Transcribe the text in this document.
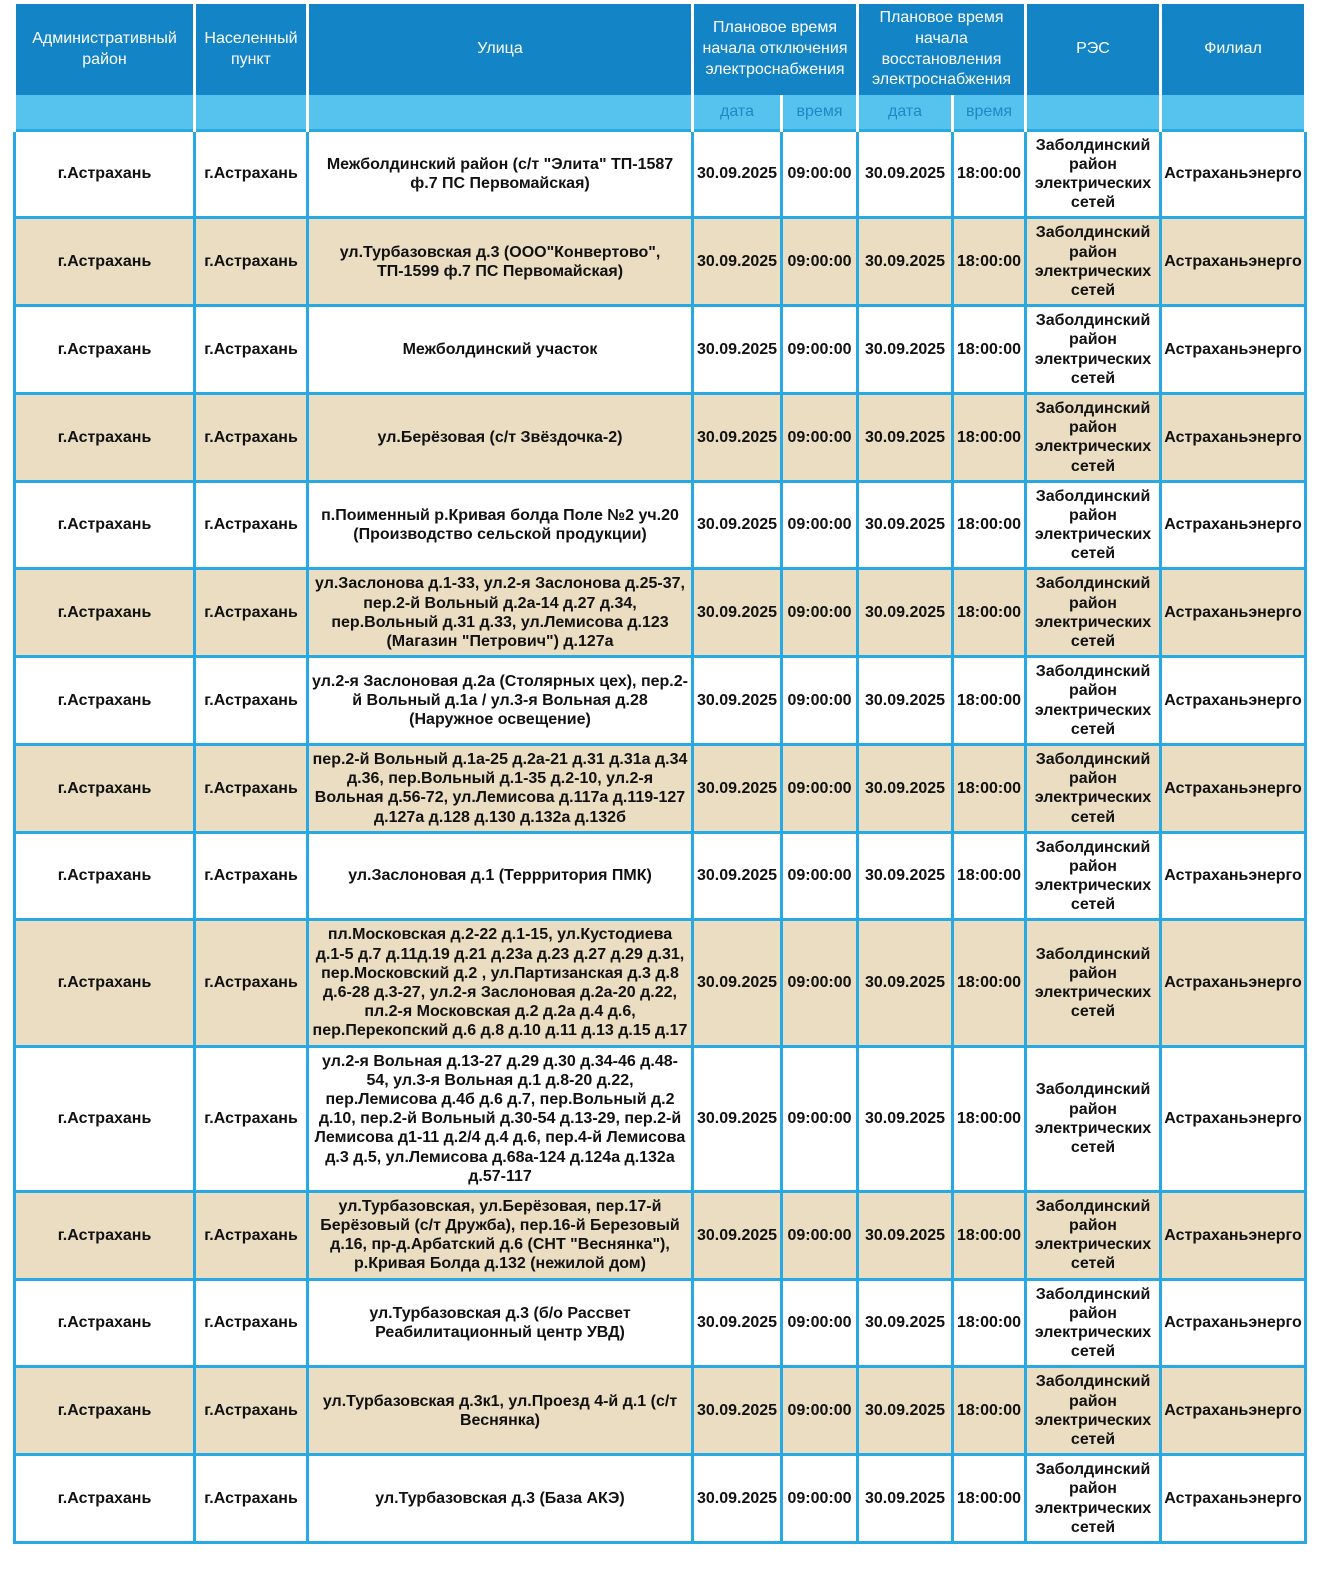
Административный район	Населенный пункт	Улица	Плановое время начала отключения электроснабжения		Плановое время начала восстановления электроснабжения		РЭС	Филиал
			дата	время	дата	время		
г.Астрахань	г.Астрахань	Межболдинский район (с/т "Элита" ТП-1587 ф.7 ПС Первомайская)	30.09.2025	09:00:00	30.09.2025	18:00:00	Заболдинский район электрических сетей	Астраханьэнерго
г.Астрахань	г.Астрахань	ул.Турбазовская д.3 (ООО"Конвертово", ТП-1599 ф.7 ПС Первомайская)	30.09.2025	09:00:00	30.09.2025	18:00:00	Заболдинский район электрических сетей	Астраханьэнерго
г.Астрахань	г.Астрахань	Межболдинский участок	30.09.2025	09:00:00	30.09.2025	18:00:00	Заболдинский район электрических сетей	Астраханьэнерго
г.Астрахань	г.Астрахань	ул.Берёзовая (с/т Звёздочка-2)	30.09.2025	09:00:00	30.09.2025	18:00:00	Заболдинский район электрических сетей	Астраханьэнерго
г.Астрахань	г.Астрахань	п.Поименный р.Кривая болда Поле №2 уч.20 (Производство сельской продукции)	30.09.2025	09:00:00	30.09.2025	18:00:00	Заболдинский район электрических сетей	Астраханьэнерго
г.Астрахань	г.Астрахань	ул.Заслонова д.1-33, ул.2-я Заслонова д.25-37, пер.2-й Вольный д.2а-14 д.27 д.34, пер.Вольный д.31 д.33, ул.Лемисова д.123 (Магазин "Петрович") д.127а	30.09.2025	09:00:00	30.09.2025	18:00:00	Заболдинский район электрических сетей	Астраханьэнерго
г.Астрахань	г.Астрахань	ул.2-я Заслоновая д.2а (Столярных цех), пер.2-й Вольный д.1а / ул.3-я Вольная д.28 (Наружное освещение)	30.09.2025	09:00:00	30.09.2025	18:00:00	Заболдинский район электрических сетей	Астраханьэнерго
г.Астрахань	г.Астрахань	пер.2-й Вольный д.1а-25 д.2а-21 д.31 д.31а д.34 д.36, пер.Вольный д.1-35 д.2-10, ул.2-я Вольная д.56-72, ул.Лемисова д.117а д.119-127 д.127а д.128 д.130 д.132а д.132б	30.09.2025	09:00:00	30.09.2025	18:00:00	Заболдинский район электрических сетей	Астраханьэнерго
г.Астрахань	г.Астрахань	ул.Заслоновая д.1 (Террритория ПМК)	30.09.2025	09:00:00	30.09.2025	18:00:00	Заболдинский район электрических сетей	Астраханьэнерго
г.Астрахань	г.Астрахань	пл.Московская д.2-22 д.1-15, ул.Кустодиева д.1-5 д.7 д.11д.19 д.21 д.23а д.23 д.27 д.29 д.31, пер.Московский д.2 , ул.Партизанская д.3 д.8 д.6-28 д.3-27, ул.2-я Заслоновая д.2а-20 д.22, пл.2-я Московская д.2 д.2а д.4 д.6, пер.Перекопский д.6 д.8 д.10 д.11 д.13 д.15 д.17	30.09.2025	09:00:00	30.09.2025	18:00:00	Заболдинский район электрических сетей	Астраханьэнерго
г.Астрахань	г.Астрахань	ул.2-я Вольная д.13-27 д.29 д.30 д.34-46 д.48-54, ул.3-я Вольная д.1 д.8-20 д.22, пер.Лемисова д.4б д.6 д.7, пер.Вольный д.2 д.10, пер.2-й Вольный д.30-54 д.13-29, пер.2-й Лемисова д1-11 д.2/4 д.4 д.6, пер.4-й Лемисова д.3 д.5, ул.Лемисова д.68а-124 д.124а д.132а д.57-117	30.09.2025	09:00:00	30.09.2025	18:00:00	Заболдинский район электрических сетей	Астраханьэнерго
г.Астрахань	г.Астрахань	ул.Турбазовская, ул.Берёзовая, пер.17-й Берёзовый (с/т Дружба), пер.16-й Березовый д.16, пр-д.Арбатский д.6 (СНТ "Веснянка"), р.Кривая Болда д.132 (нежилой дом)	30.09.2025	09:00:00	30.09.2025	18:00:00	Заболдинский район электрических сетей	Астраханьэнерго
г.Астрахань	г.Астрахань	ул.Турбазовская д.3 (б/о Рассвет Реабилитационный центр УВД)	30.09.2025	09:00:00	30.09.2025	18:00:00	Заболдинский район электрических сетей	Астраханьэнерго
г.Астрахань	г.Астрахань	ул.Турбазовская д.3к1, ул.Проезд 4-й д.1 (с/т Веснянка)	30.09.2025	09:00:00	30.09.2025	18:00:00	Заболдинский район электрических сетей	Астраханьэнерго
г.Астрахань	г.Астрахань	ул.Турбазовская д.3 (База АКЭ)	30.09.2025	09:00:00	30.09.2025	18:00:00	Заболдинский район электрических сетей	Астраханьэнерго
